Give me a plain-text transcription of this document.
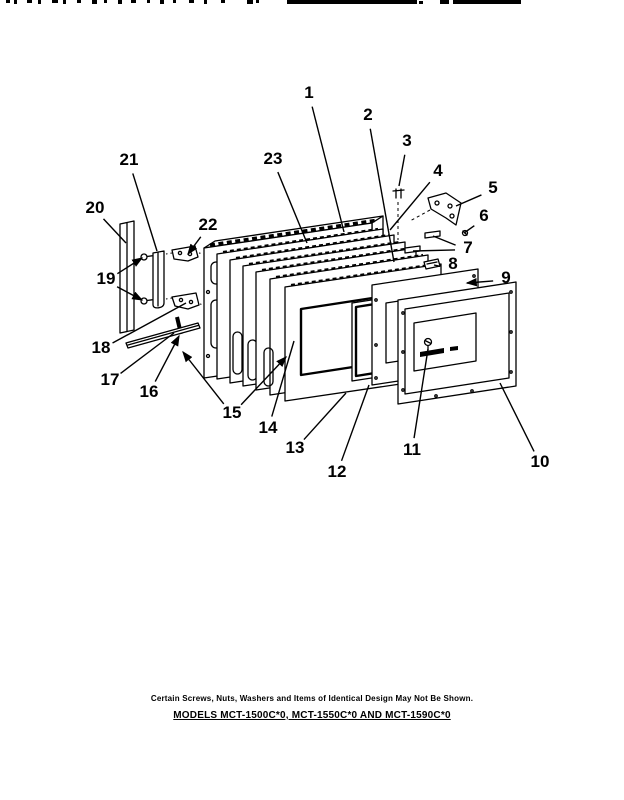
1
2
3
4
5
6
7
8
9
10
11
12
13
14
15
16
17
18
19
20
21
22
23
Certain Screws, Nuts, Washers and Items of Identical Design May Not Be Shown.
MODELS MCT-1500C*0, MCT-1550C*0 AND MCT-1590C*0
